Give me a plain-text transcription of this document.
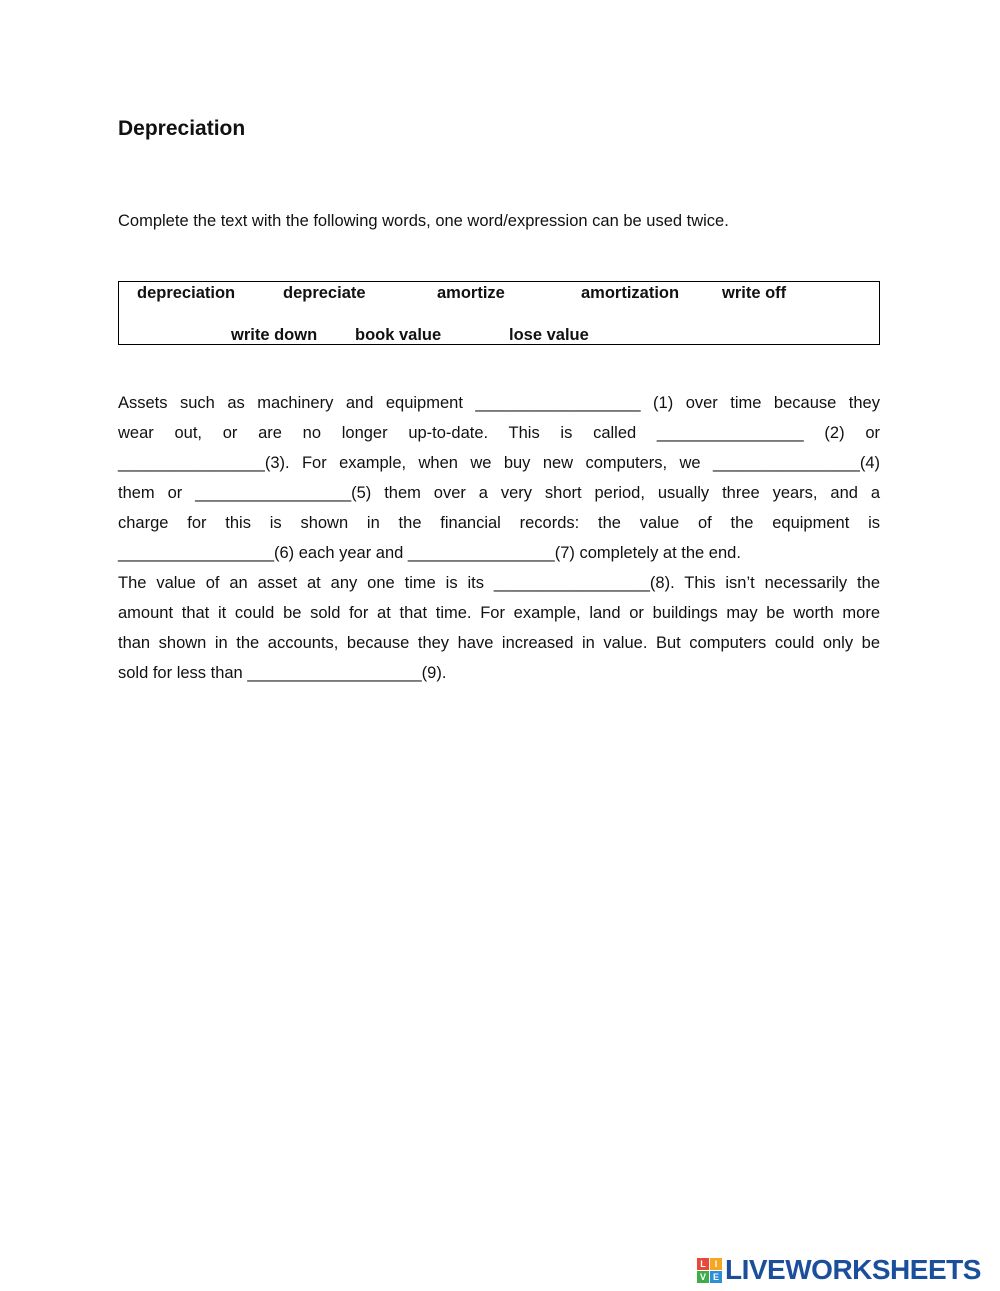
Depreciation

Complete the text with the following words, one word/expression can be used twice.

depreciation	depreciate	amortize	amortization	write off
write down book value	lose value
Assets such as machinery and equipment __________________ (1) over time because they
wear out, or are no longer up-to-date. This is called ________________ (2) or
________________(3). For example, when we buy new computers, we ________________(4)
them or _________________(5) them over a very short period, usually three years, and a
charge for this is shown in the financial records: the value of the equipment is
_________________(6) each year and ________________(7) completely at the end.
The value of an asset at any one time is its _________________(8). This isn’t necessarily the
amount that it could be sold for at that time. For example, land or buildings may be worth more
than shown in the accounts, because they have increased in value. But computers could only be
sold for less than ___________________(9).
L I
V E LIVEWORKSHEETS
